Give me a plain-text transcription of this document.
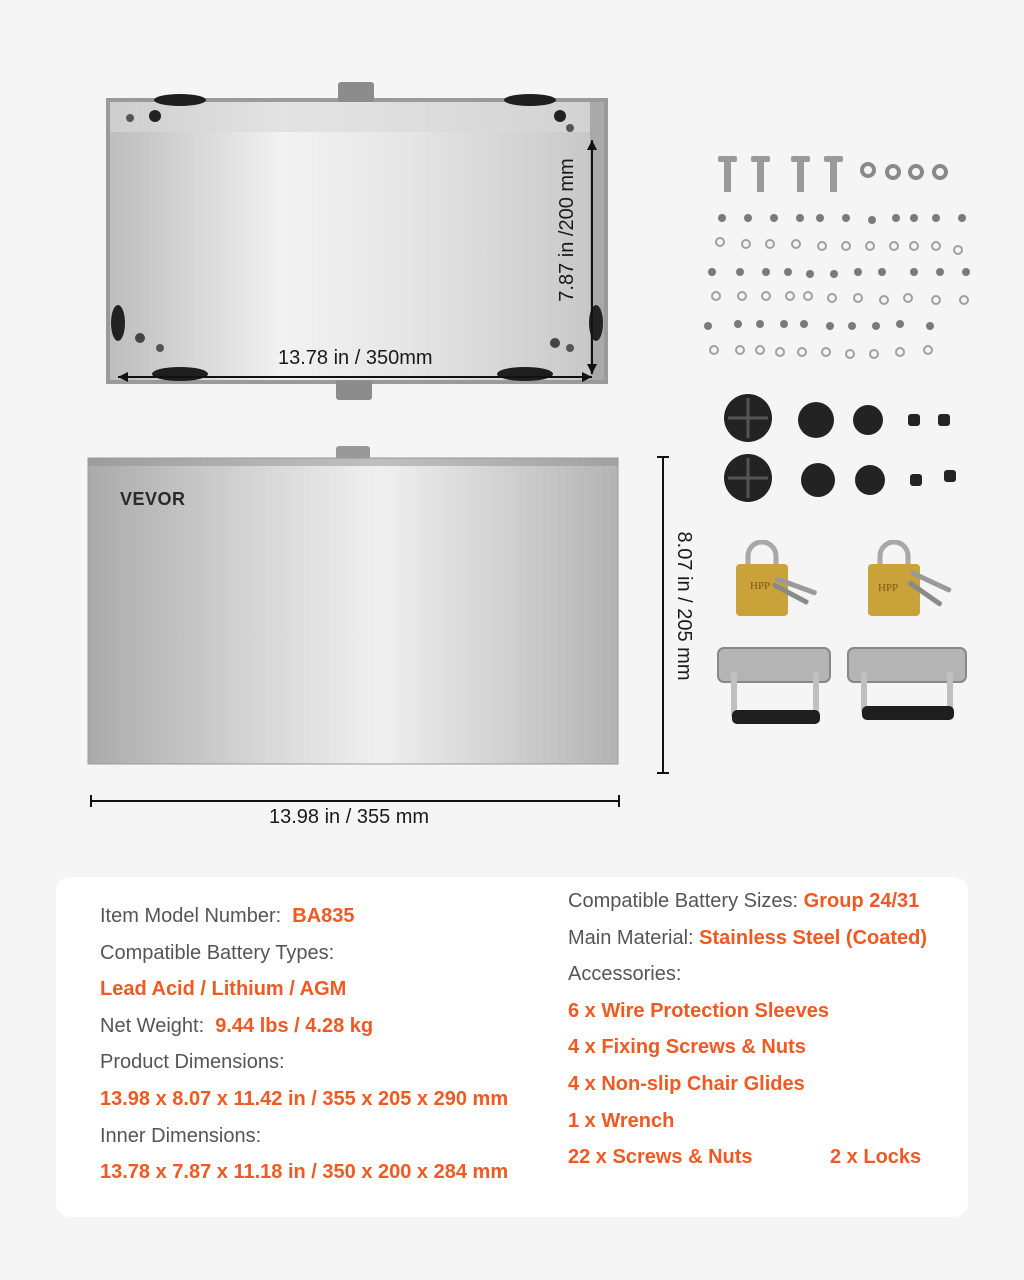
13.78 in / 350mm
7.87 in /200 mm
VEVOR
13.98 in / 355 mm
8.07 in / 205 mm	HPP	HPP
Item Model Number: BA835
Compatible Battery Types:
Lead Acid / Lithium / AGM
Net Weight: 9.44 lbs / 4.28 kg
Product Dimensions:
13.98 x 8.07 x 11.42 in / 355 x 205 x 290 mm
Inner Dimensions:
13.78 x 7.87 x 11.18 in / 350 x 200 x 284 mm
Compatible Battery Sizes: Group 24/31
Main Material: Stainless Steel (Coated)
Accessories:
6 x Wire Protection Sleeves
4 x Fixing Screws & Nuts
4 x Non-slip Chair Glides
1 x Wrench
22 x Screws & Nuts	2 x Locks
